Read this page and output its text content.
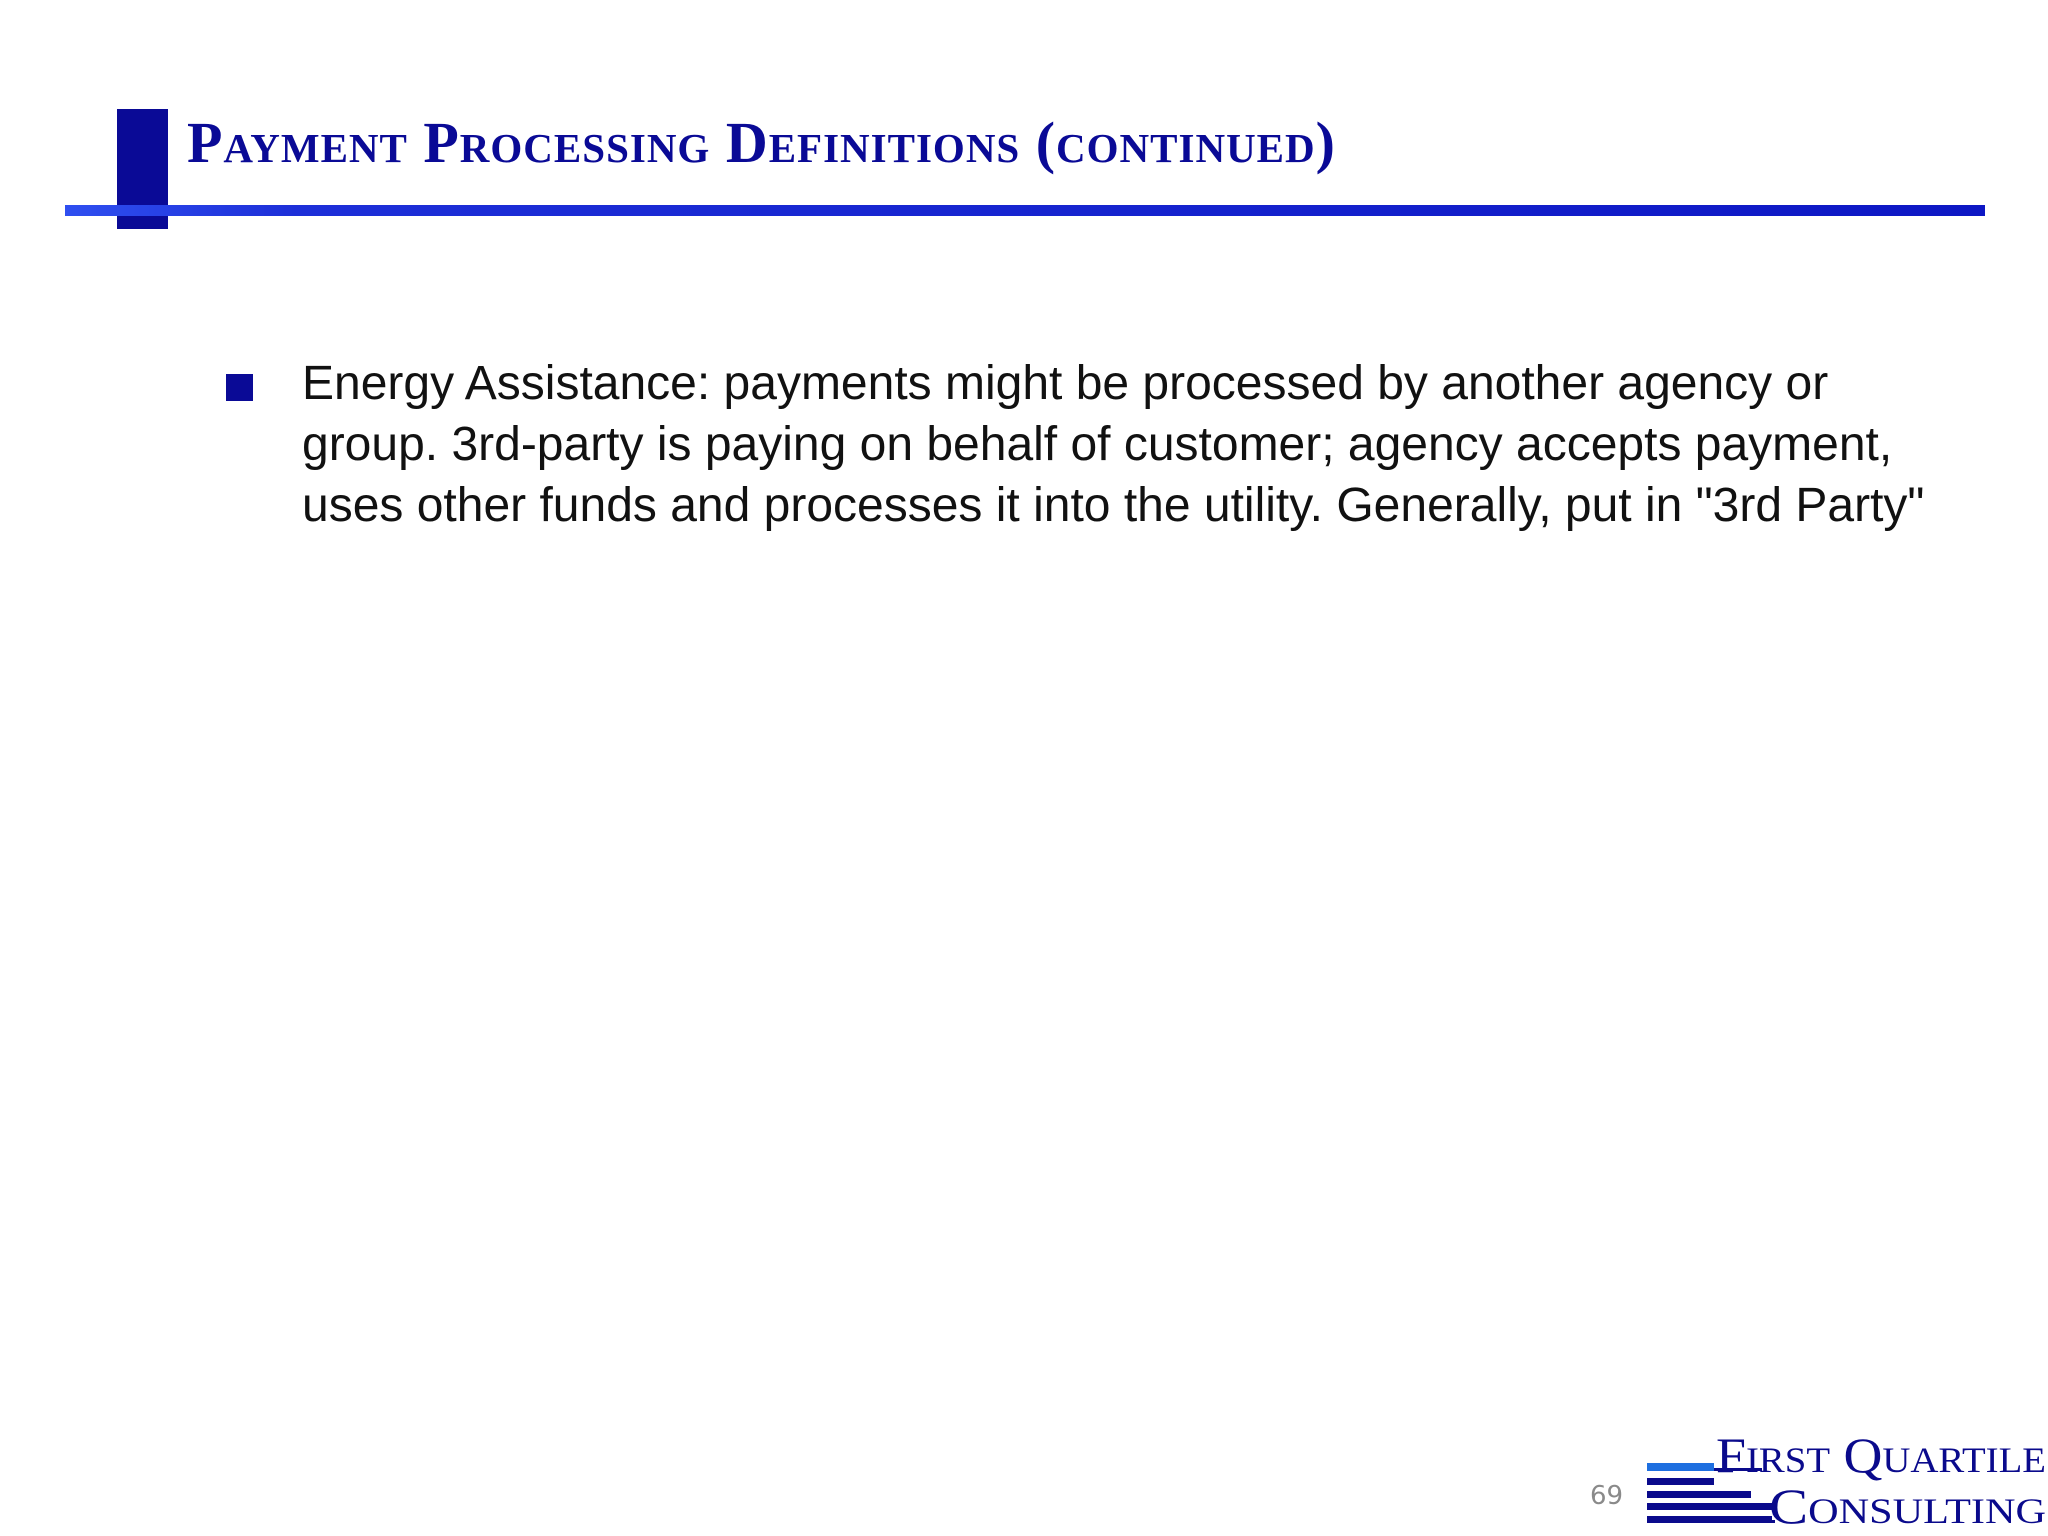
Payment Processing Definitions (continued)
Energy Assistance: payments might be processed by another agency or group. 3rd-party is paying on behalf of customer; agency accepts payment, uses other funds and processes it into the utility. Generally, put in "3rd Party"
69
FIRST Q UARTILE
C ONSULTING
